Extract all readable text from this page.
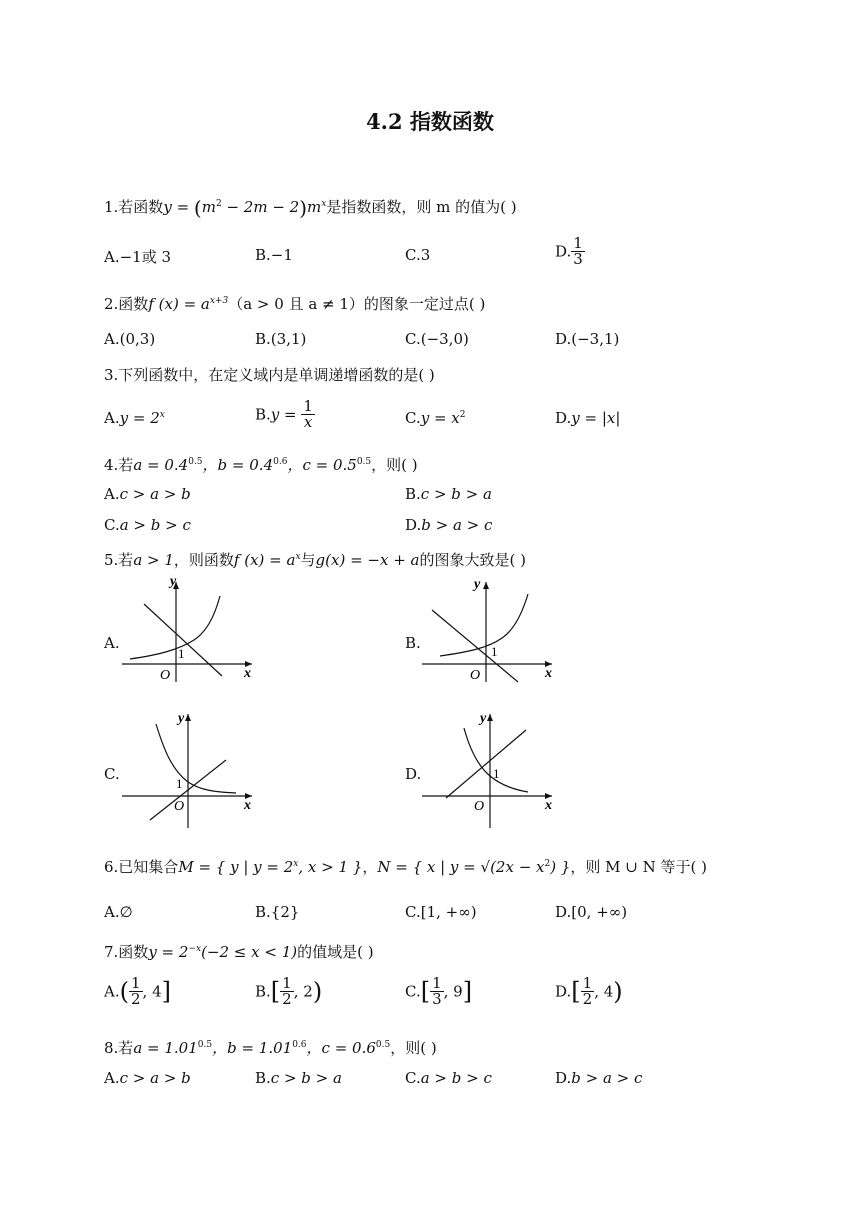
4.2 指数函数
1.若函数$y = (m^2 - 2m - 2)m^x$是指数函数，则 m 的值为( )
A.−1或 3	B.−1	C.3	D. $\frac{1}{3}$
2.函数f $(x) = a^{x+3}(a > 0$ 且 a ≠ 1）的图象一定过点( )
A.(0,3)	B.(3,1)	C.(−3,0)	D.(−3,1)
3.下列函数中，在定义域内是单调递增函数的是( )
$A.y = 2^x$	$B.y = \frac{1}{x}$	$C.y = x^2$	D.y = |x|
4.若$a = 0.4^{0.5}$，$b = 0.4^{0.6}$，$c = 0.5^{0.5}$，则( )
A.c > a > b	B.c > b > a
C.a > b > c	D.b > a > c
5.若a > 1，则函数f $(x) = a^x$与g(x) = −x + a的图象大致是( )
A.
y
x
O
1
B.
y
x
O
1
C.
y
x
O
1
D.
y
x
O
1
6.已知集合M = { y | $y = 2^x$, x > 1 }，N = { x | $y = √(2x - x^2)$ }，则 M ∪ N 等于( )
A.∅	B.{2}	C.[1, +∞)	D.[0, +∞)
7.函数$y = 2^{-x}(-2 \le x < 1)$的值域是( )
$A.( \frac{1}{2}$ , 4]	$B.[ \frac{1}{2}$ , 2)	$C.[ \frac{1}{3}$ , 9]	$D.[ \frac{1}{2}$ , 4)
8.若$a = 1.01^{0.5}$，$b = 1.01^{0.6}$，$c = 0.6^{0.5}$，则( )
A.c > a > b	B.c > b > a	C.a > b > c	D.b > a > c
